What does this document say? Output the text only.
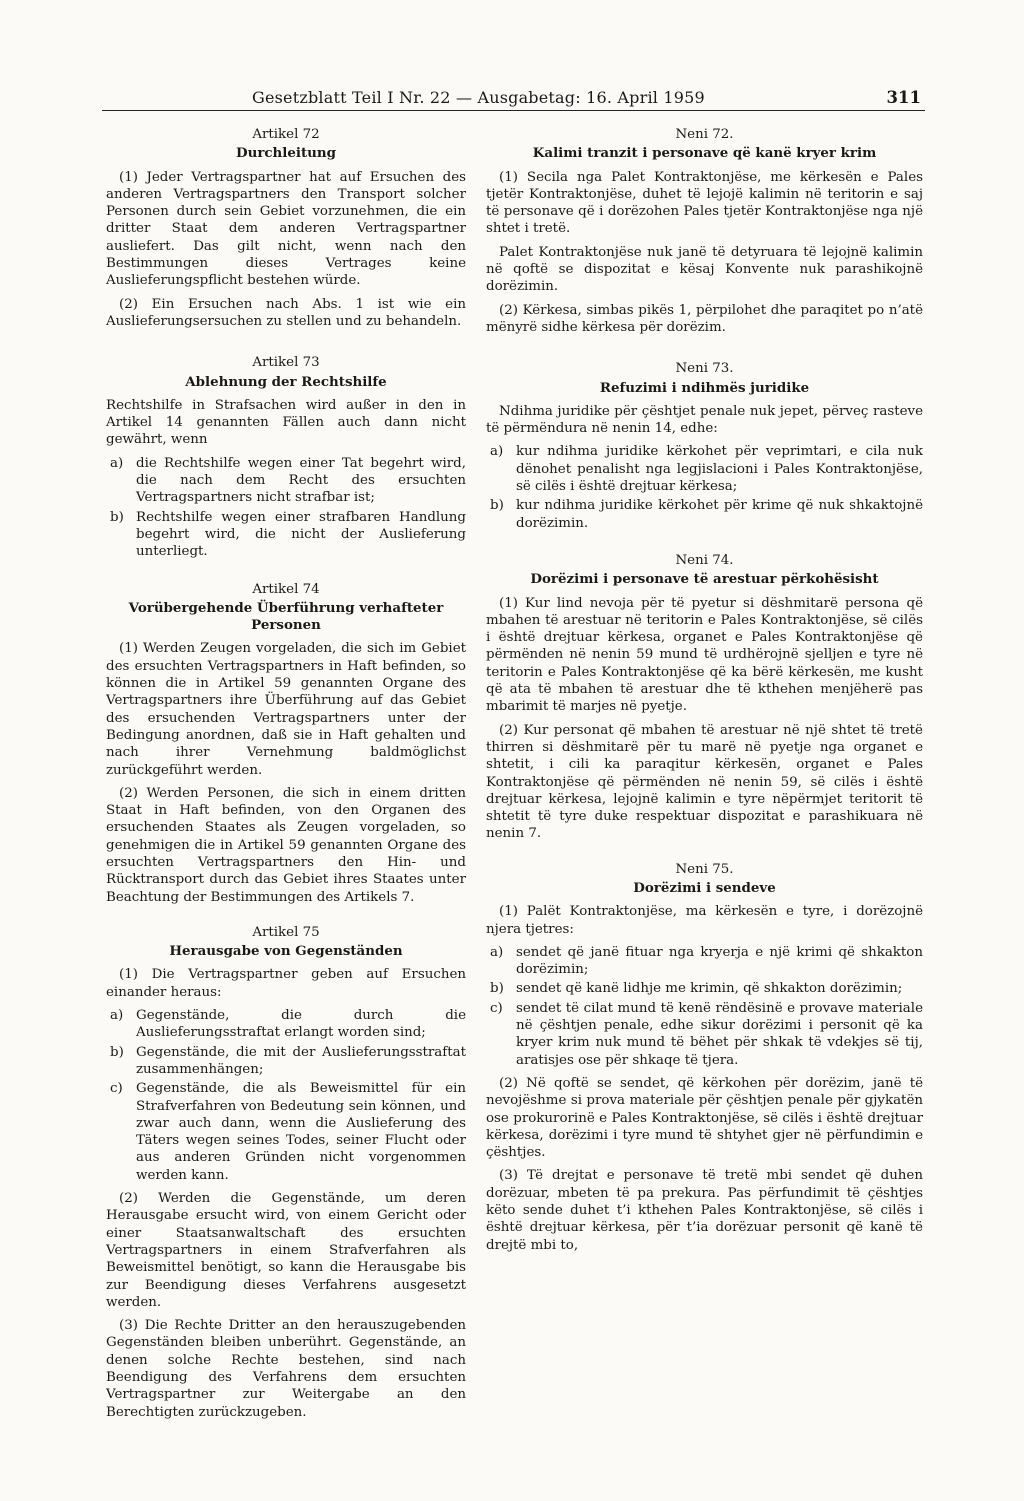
Gesetzblatt Teil I Nr. 22 — Ausgabetag: 16. April 1959	311
Artikel 72
Durchleitung

(1) Jeder Vertragspartner hat auf Ersuchen des anderen Vertragspartners den Transport solcher Personen durch sein Gebiet vorzunehmen, die ein dritter Staat dem anderen Vertragspartner ausliefert. Das gilt nicht, wenn nach den Bestimmungen dieses Vertrages keine Auslieferungspflicht bestehen würde.

(2) Ein Ersuchen nach Abs. 1 ist wie ein Auslieferungsersuchen zu stellen und zu behandeln.

Artikel 73
Ablehnung der Rechtshilfe

Rechtshilfe in Strafsachen wird außer in den in Artikel 14 genannten Fällen auch dann nicht gewährt, wenn

a) die Rechtshilfe wegen einer Tat begehrt wird, die nach dem Recht des ersuchten Vertragspartners nicht strafbar ist;
b) Rechtshilfe wegen einer strafbaren Handlung begehrt wird, die nicht der Auslieferung unterliegt.
Artikel 74
Vorübergehende Überführung verhafteter Personen

(1) Werden Zeugen vorgeladen, die sich im Gebiet des ersuchten Vertragspartners in Haft befinden, so können die in Artikel 59 genannten Organe des Vertragspartners ihre Überführung auf das Gebiet des ersuchenden Vertragspartners unter der Bedingung anordnen, daß sie in Haft gehalten und nach ihrer Vernehmung baldmöglichst zurückgeführt werden.

(2) Werden Personen, die sich in einem dritten Staat in Haft befinden, von den Organen des ersuchenden Staates als Zeugen vorgeladen, so genehmigen die in Artikel 59 genannten Organe des ersuchten Vertragspartners den Hin- und Rücktransport durch das Gebiet ihres Staates unter Beachtung der Bestimmungen des Artikels 7.

Artikel 75
Herausgabe von Gegenständen

(1) Die Vertragspartner geben auf Ersuchen einander heraus:

a) Gegenstände, die durch die Auslieferungsstraftat erlangt worden sind;
b) Gegenstände, die mit der Auslieferungsstraftat zusammenhängen;
c) Gegenstände, die als Beweismittel für ein Strafverfahren von Bedeutung sein können, und zwar auch dann, wenn die Auslieferung des Täters wegen seines Todes, seiner Flucht oder aus anderen Gründen nicht vorgenommen werden kann.

(2) Werden die Gegenstände, um deren Herausgabe ersucht wird, von einem Gericht oder einer Staatsanwaltschaft des ersuchten Vertragspartners in einem Strafverfahren als Beweismittel benötigt, so kann die Herausgabe bis zur Beendigung dieses Verfahrens ausgesetzt werden.

(3) Die Rechte Dritter an den herauszugebenden Gegenständen bleiben unberührt. Gegenstände, an denen solche Rechte bestehen, sind nach Beendigung des Verfahrens dem ersuchten Vertragspartner zur Weitergabe an den Berechtigten zurückzugeben.

Neni 72.
Kalimi tranzit i personave që kanë kryer krim

(1) Secila nga Palet Kontraktonjëse, me kërkesën e Pales tjetër Kontraktonjëse, duhet të lejojë kalimin në teritorin e saj të personave që i dorëzohen Pales tjetër Kontraktonjëse nga një shtet i tretë.

Palet Kontraktonjëse nuk janë të detyruara të lejojnë kalimin në qoftë se dispozitat e kësaj Konvente nuk parashikojnë dorëzimin.

(2) Kërkesa, simbas pikës 1, përpilohet dhe paraqitet po n’atë mënyrë sidhe kërkesa për dorëzim.

Neni 73.
Refuzimi i ndihmës juridike

Ndihma juridike për çështjet penale nuk jepet, përveç rasteve të përmëndura në nenin 14, edhe:

a) kur ndihma juridike kërkohet për veprimtari, e cila nuk dënohet penalisht nga legjislacioni i Pales Kontraktonjëse, së cilës i është drejtuar kërkesa;
b) kur ndihma juridike kërkohet për krime që nuk shkaktojnë dorëzimin.
Neni 74.
Dorëzimi i personave të arestuar përkohësisht

(1) Kur lind nevoja për të pyetur si dëshmitarë persona që mbahen të arestuar në teritorin e Pales Kontraktonjëse, së cilës i është drejtuar kërkesa, organet e Pales Kontraktonjëse që përmënden në nenin 59 mund të urdhërojnë sjelljen e tyre në teritorin e Pales Kontraktonjëse që ka bërë kërkesën, me kusht që ata të mbahen të arestuar dhe të kthehen menjëherë pas mbarimit të marjes në pyetje.

(2) Kur personat që mbahen të arestuar në një shtet të tretë thirren si dëshmitarë për tu marë në pyetje nga organet e shtetit, i cili ka paraqitur kërkesën, organet e Pales Kontraktonjëse që përmënden në nenin 59, së cilës i është drejtuar kërkesa, lejojnë kalimin e tyre nëpërmjet teritorit të shtetit të tyre duke respektuar dispozitat e parashikuara në nenin 7.

Neni 75.
Dorëzimi i sendeve

(1) Palët Kontraktonjëse, ma kërkesën e tyre, i dorëzojnë njera tjetres:

a) sendet që janë fituar nga kryerja e një krimi që shkakton dorëzimin;
b) sendet që kanë lidhje me krimin, që shkakton dorëzimin;
c) sendet të cilat mund të kenë rëndësinë e provave materiale në çështjen penale, edhe sikur dorëzimi i personit që ka kryer krim nuk mund të bëhet për shkak të vdekjes së tij, aratisjes ose për shkaqe të tjera.

(2) Në qoftë se sendet, që kërkohen për dorëzim, janë të nevojëshme si prova materiale për çështjen penale për gjykatën ose prokurorinë e Pales Kontraktonjëse, së cilës i është drejtuar kërkesa, dorëzimi i tyre mund të shtyhet gjer në përfundimin e çështjes.

(3) Të drejtat e personave të tretë mbi sendet që duhen dorëzuar, mbeten të pa prekura. Pas përfundimit të çështjes këto sende duhet t’i kthehen Pales Kontraktonjëse, së cilës i është drejtuar kërkesa, për t’ia dorëzuar personit që kanë të drejtë mbi to,
